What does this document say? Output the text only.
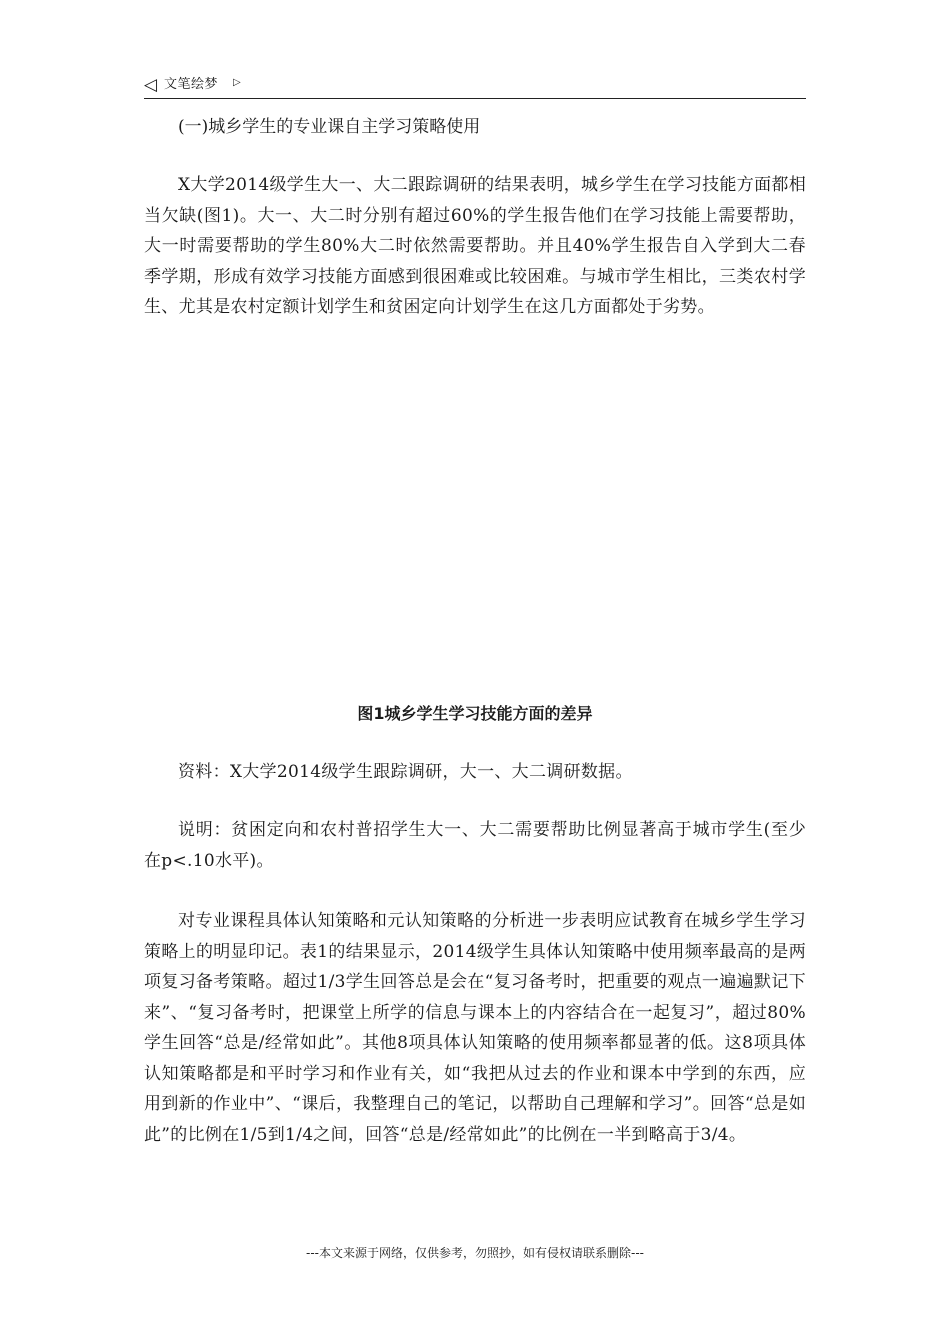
◁ 文笔绘梦 ▷
(一)城乡学生的专业课自主学习策略使用
X大学2014级学生大一、大二跟踪调研的结果表明，城乡学生在学习技能方面都相当欠缺(图1)。大一、大二时分别有超过60%的学生报告他们在学习技能上需要帮助，大一时需要帮助的学生80%大二时依然需要帮助。并且40%学生报告自入学到大二春季学期，形成有效学习技能方面感到很困难或比较困难。与城市学生相比，三类农村学生、尤其是农村定额计划学生和贫困定向计划学生在这几方面都处于劣势。
图1城乡学生学习技能方面的差异
资料：X大学2014级学生跟踪调研，大一、大二调研数据。
说明：贫困定向和农村普招学生大一、大二需要帮助比例显著高于城市学生(至少在p<.10水平)。
对专业课程具体认知策略和元认知策略的分析进一步表明应试教育在城乡学生学习策略上的明显印记。表1的结果显示，2014级学生具体认知策略中使用频率最高的是两项复习备考策略。超过1/3学生回答总是会在“复习备考时，把重要的观点一遍遍默记下来”、“复习备考时，把课堂上所学的信息与课本上的内容结合在一起复习”，超过80%学生回答“总是/经常如此”。其他8项具体认知策略的使用频率都显著的低。这8项具体认知策略都是和平时学习和作业有关，如“我把从过去的作业和课本中学到的东西，应用到新的作业中”、“课后，我整理自己的笔记，以帮助自己理解和学习”。回答“总是如此”的比例在1/5到1/4之间，回答“总是/经常如此”的比例在一半到略高于3/4。
---本文来源于网络，仅供参考，勿照抄，如有侵权请联系删除---
